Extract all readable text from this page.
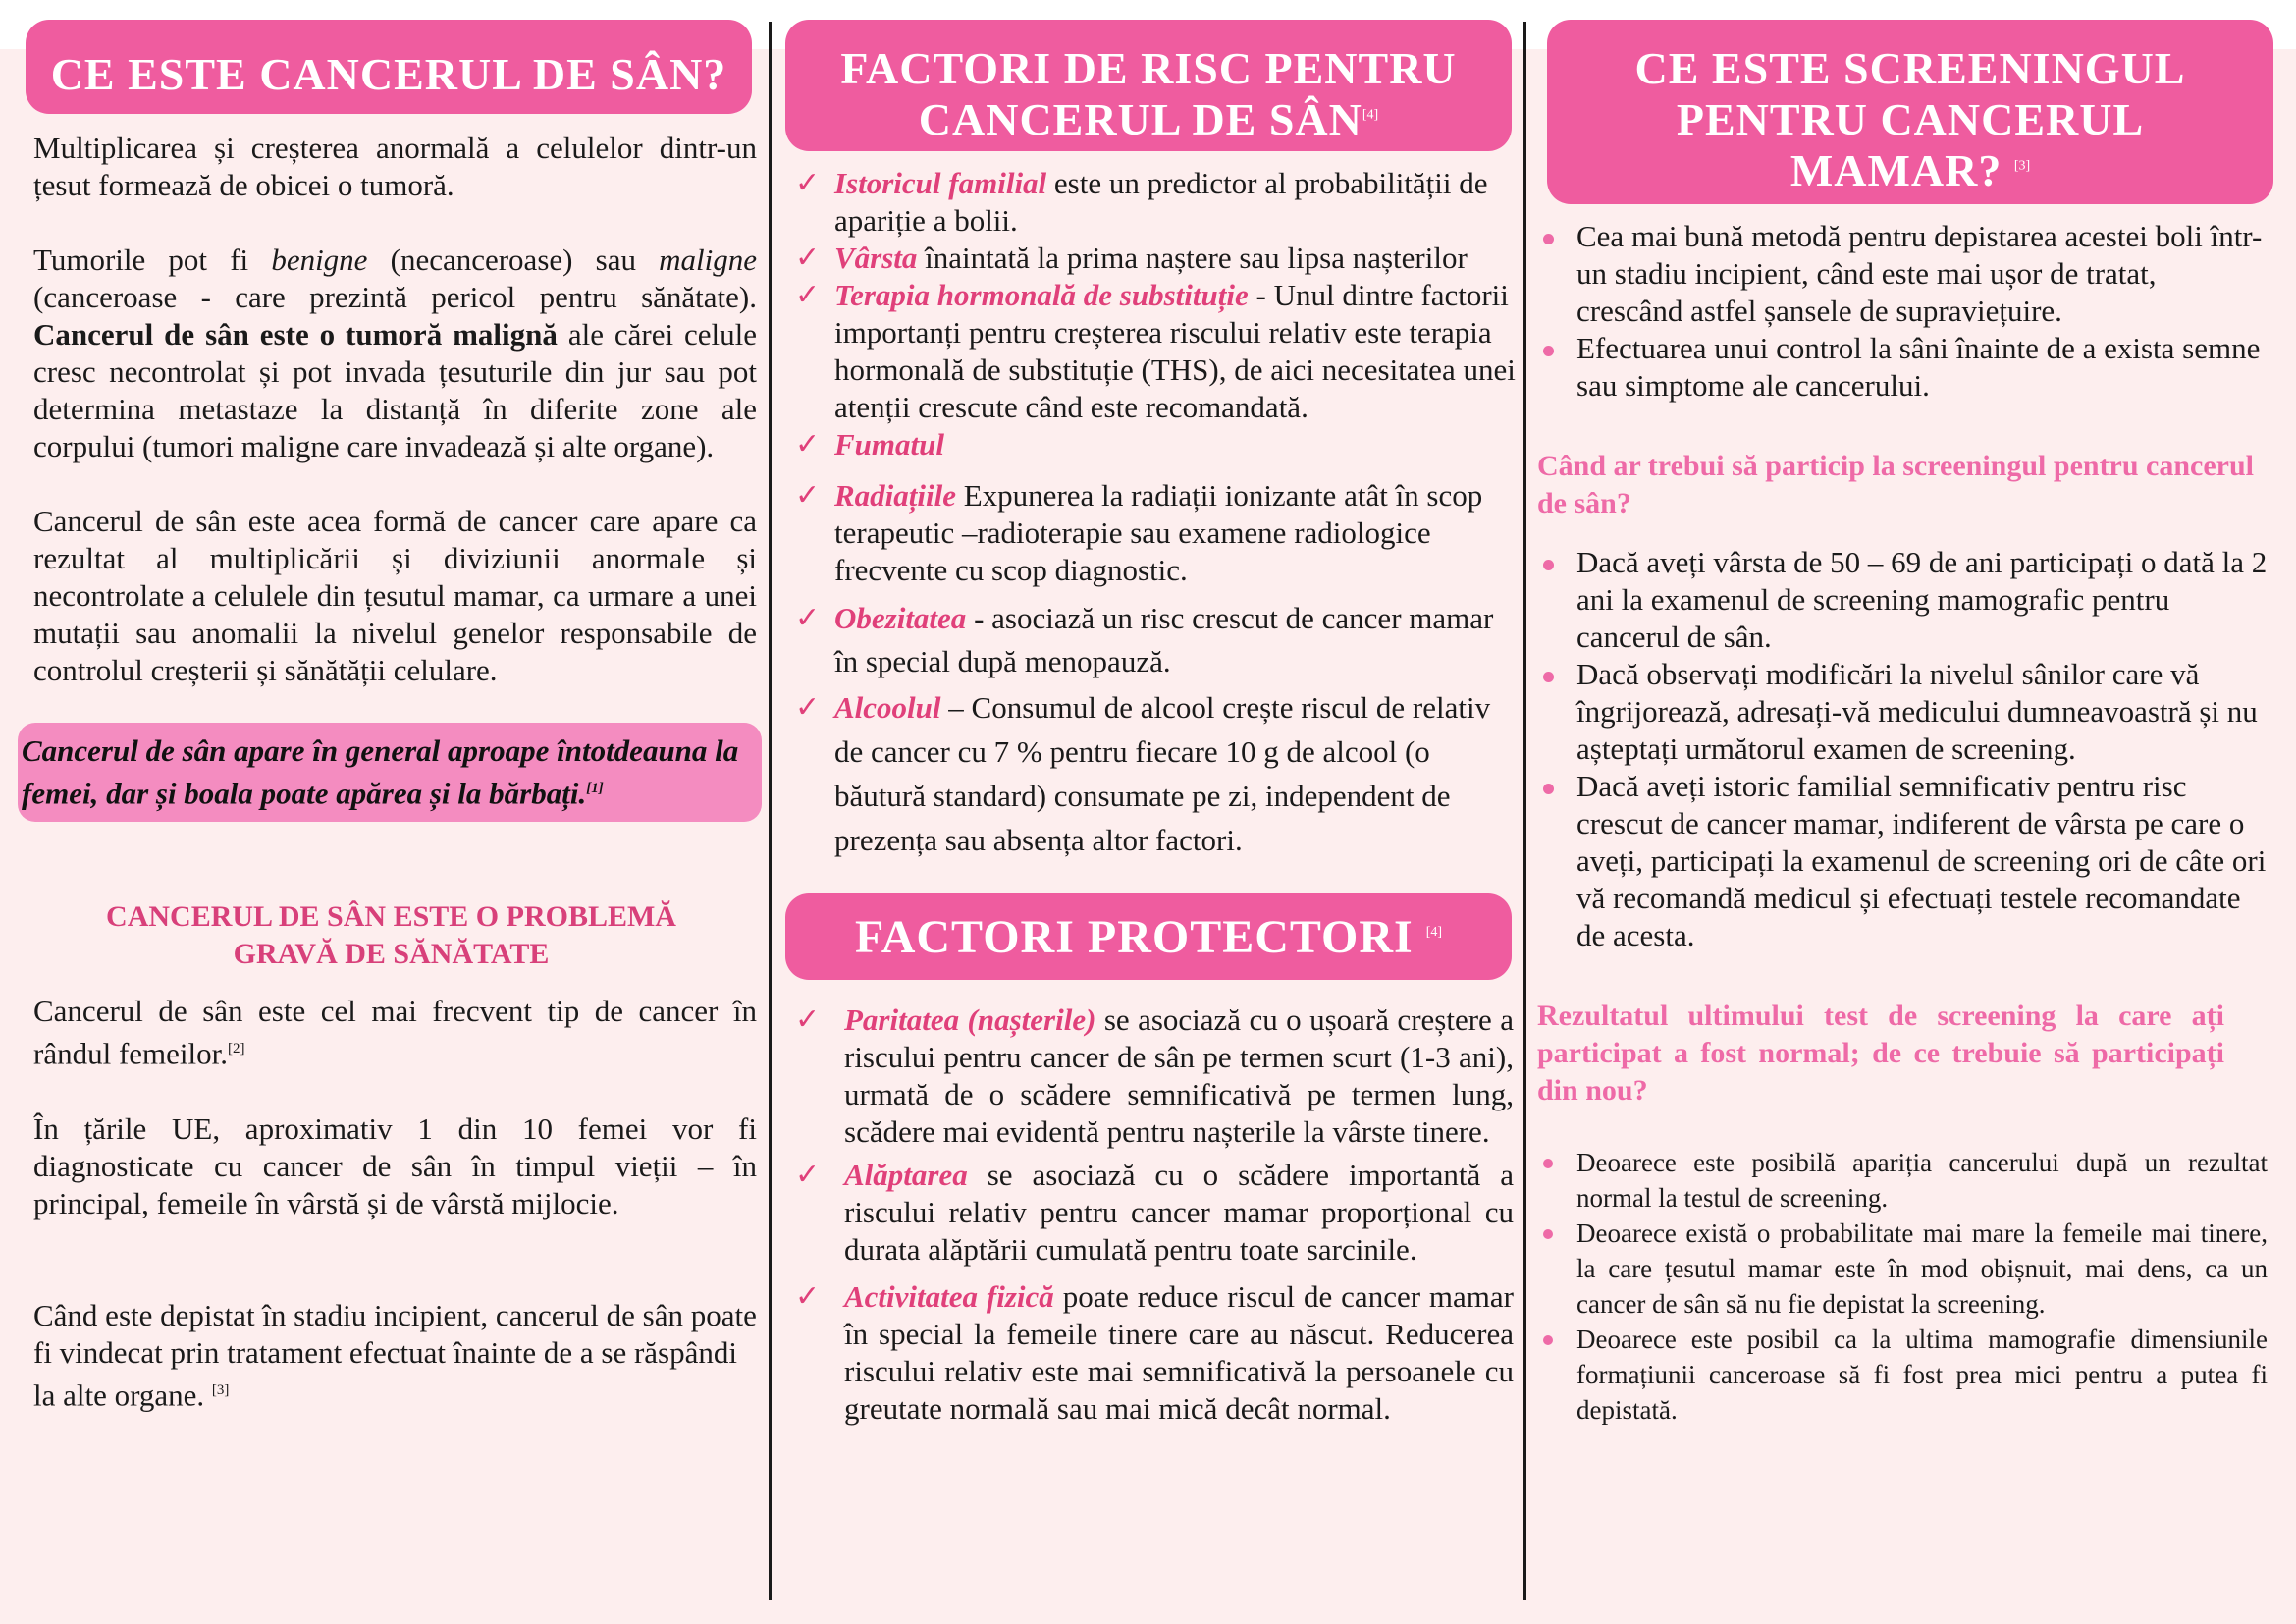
CE ESTE CANCERUL DE SÂN?
Multiplicarea și creșterea anormală a celulelor dintr-un țesut formează de obicei o tumoră.
Tumorile pot fi benigne (necanceroase) sau maligne (canceroase - care prezintă pericol pentru sănătate). Cancerul de sân este o tumoră malignă ale cărei celule cresc necontrolat și pot invada țesuturile din jur sau pot determina metastaze la distanță în diferite zone ale corpului (tumori maligne care invadează și alte organe).
Cancerul de sân este acea formă de cancer care apare ca rezultat al multiplicării și diviziunii anormale și necontrolate a celulele din țesutul mamar, ca urmare a unei mutații sau anomalii la nivelul genelor responsabile de controlul creșterii și sănătății celulare.
Cancerul de sân apare în general aproape întotdeauna la femei, dar și boala poate apărea și la bărbați.[1]
CANCERUL DE SÂN ESTE O PROBLEMĂ
GRAVĂ DE SĂNĂTATE
Cancerul de sân este cel mai frecvent tip de cancer în rândul femeilor.[2]
În țările UE, aproximativ 1 din 10 femei vor fi diagnosticate cu cancer de sân în timpul vieții – în principal, femeile în vârstă și de vârstă mijlocie.
Când este depistat în stadiu incipient, cancerul de sân poate fi vindecat prin tratament efectuat înainte de a se răspândi la alte organe. [3]
FACTORI DE RISC PENTRU
CANCERUL DE SÂN[4]
✓ Istoricul familial este un predictor al probabilității de apariție a bolii.
✓ Vârsta înaintată la prima naștere sau lipsa nașterilor
✓ Terapia hormonală de substituție - Unul dintre factorii importanți pentru creșterea riscului relativ este terapia hormonală de substituție (THS), de aici necesitatea unei atenții crescute când este recomandată.
✓ Fumatul
✓ Radiațiile Expunerea la radiații ionizante atât în scop terapeutic –radioterapie sau examene radiologice frecvente cu scop diagnostic.
✓ Obezitatea - asociază un risc crescut de cancer mamar în special după menopauză.
✓ Alcoolul – Consumul de alcool crește riscul de relativ de cancer cu 7 % pentru fiecare 10 g de alcool (o băutură standard) consumate pe zi, independent de prezența sau absența altor factori.
FACTORI PROTECTORI [4]
✓ Paritatea (nașterile) se asociază cu o ușoară creștere a riscului pentru cancer de sân pe termen scurt (1-3 ani), urmată de o scădere semnificativă pe termen lung, scădere mai evidentă pentru nașterile la vârste tinere.
✓ Alăptarea se asociază cu o scădere importantă a riscului relativ pentru cancer mamar proporțional cu durata alăptării cumulată pentru toate sarcinile.
✓ Activitatea fizică poate reduce riscul de cancer mamar în special la femeile tinere care au născut. Reducerea riscului relativ este mai semnificativă la persoanele cu greutate normală sau mai mică decât normal.
CE ESTE SCREENINGUL
PENTRU CANCERUL
MAMAR? [3]
Cea mai bună metodă pentru depistarea acestei boli într-un stadiu incipient, când este mai ușor de tratat, crescând astfel șansele de supraviețuire.
Efectuarea unui control la sâni înainte de a exista semne sau simptome ale cancerului.
Când ar trebui să particip la screeningul pentru cancerul de sân?
Dacă aveți vârsta de 50 – 69 de ani participați o dată la 2 ani la examenul de screening mamografic pentru cancerul de sân.
Dacă observați modificări la nivelul sânilor care vă îngrijorează, adresați-vă medicului dumneavoastră și nu așteptați următorul examen de screening.
Dacă aveți istoric familial semnificativ pentru risc crescut de cancer mamar, indiferent de vârsta pe care o aveți, participați la examenul de screening ori de câte ori vă recomandă medicul și efectuați testele recomandate de acesta.
Rezultatul ultimului test de screening la care ați participat a fost normal; de ce trebuie să participați din nou?
Deoarece este posibilă apariția cancerului după un rezultat normal la testul de screening.
Deoarece există o probabilitate mai mare la femeile mai tinere, la care țesutul mamar este în mod obișnuit, mai dens, ca un cancer de sân să nu fie depistat la screening.
Deoarece este posibil ca la ultima mamografie dimensiunile formațiunii canceroase să fi fost prea mici pentru a putea fi depistată.
